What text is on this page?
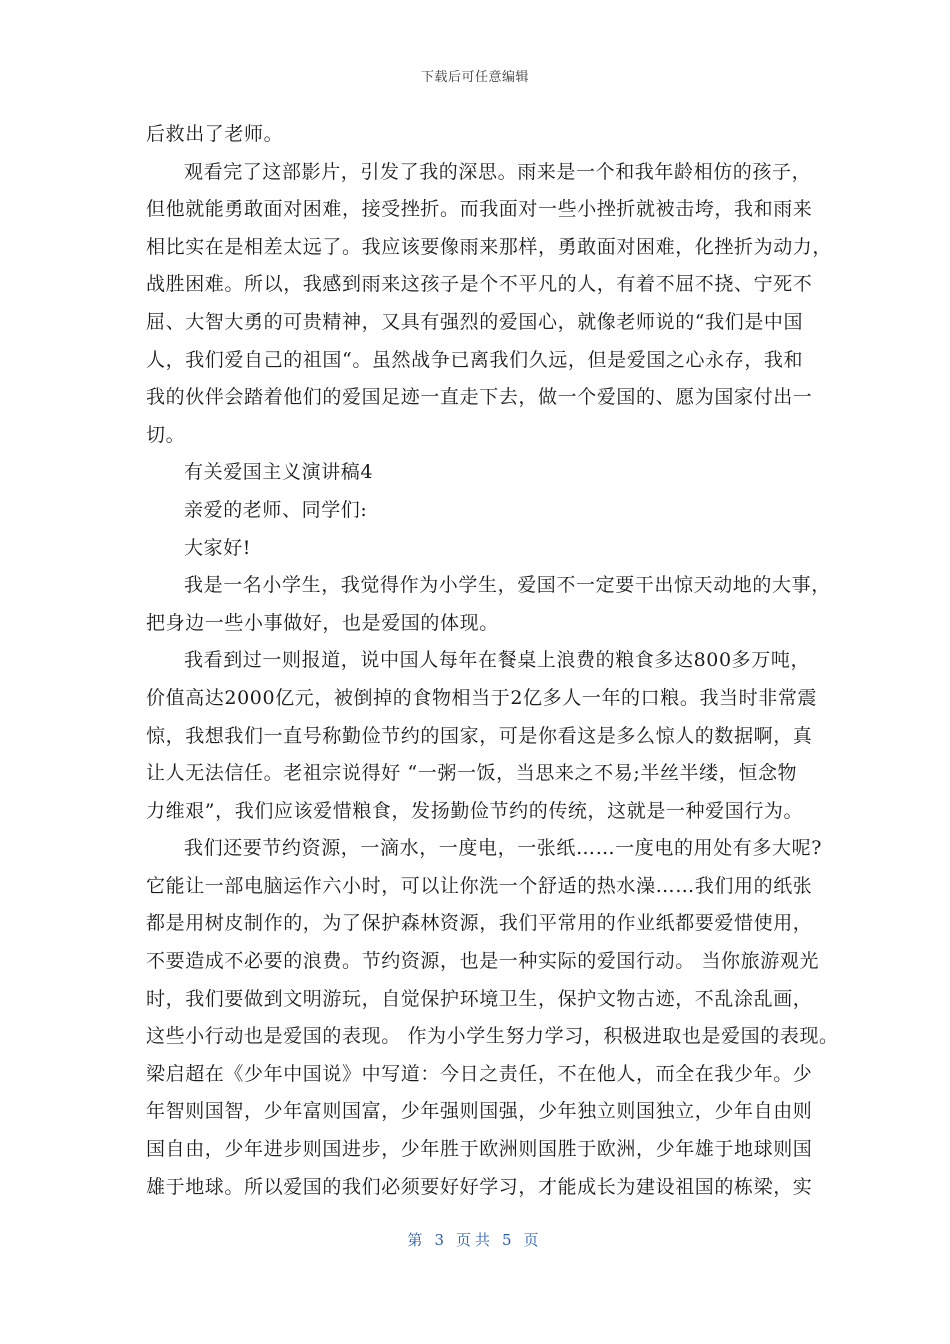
下载后可任意编辑
后救出了老师。
观看完了这部影片，引发了我的深思。雨来是一个和我年龄相仿的孩子，
但他就能勇敢面对困难，接受挫折。而我面对一些小挫折就被击垮，我和雨来
相比实在是相差太远了。我应该要像雨来那样，勇敢面对困难，化挫折为动力，
战胜困难。所以，我感到雨来这孩子是个不平凡的人，有着不屈不挠、宁死不
屈、大智大勇的可贵精神，又具有强烈的爱国心，就像老师说的“我们是中国
人，我们爱自己的祖国“。虽然战争已离我们久远，但是爱国之心永存，我和
我的伙伴会踏着他们的爱国足迹一直走下去，做一个爱国的、愿为国家付出一
切。
有关爱国主义演讲稿4
亲爱的老师、同学们:
大家好!
我是一名小学生，我觉得作为小学生，爱国不一定要干出惊天动地的大事，
把身边一些小事做好，也是爱国的体现。
我看到过一则报道，说中国人每年在餐桌上浪费的粮食多达800多万吨，
价值高达2000亿元，被倒掉的食物相当于2亿多人一年的口粮。我当时非常震
惊，我想我们一直号称勤俭节约的国家，可是你看这是多么惊人的数据啊，真
让人无法信任。老祖宗说得好 “一粥一饭，当思来之不易;半丝半缕，恒念物
力维艰”，我们应该爱惜粮食，发扬勤俭节约的传统，这就是一种爱国行为。
我们还要节约资源，一滴水，一度电，一张纸……一度电的用处有多大呢?
它能让一部电脑运作六小时，可以让你洗一个舒适的热水澡……我们用的纸张
都是用树皮制作的，为了保护森林资源，我们平常用的作业纸都要爱惜使用，
不要造成不必要的浪费。节约资源，也是一种实际的爱国行动。 当你旅游观光
时，我们要做到文明游玩，自觉保护环境卫生，保护文物古迹，不乱涂乱画，
这些小行动也是爱国的表现。 作为小学生努力学习，积极进取也是爱国的表现。
梁启超在《少年中国说》中写道：今日之责任，不在他人，而全在我少年。少
年智则国智，少年富则国富，少年强则国强，少年独立则国独立，少年自由则
国自由，少年进步则国进步，少年胜于欧洲则国胜于欧洲，少年雄于地球则国
雄于地球。所以爱国的我们必须要好好学习，才能成长为建设祖国的栋梁，实
第 3 页共 5 页
